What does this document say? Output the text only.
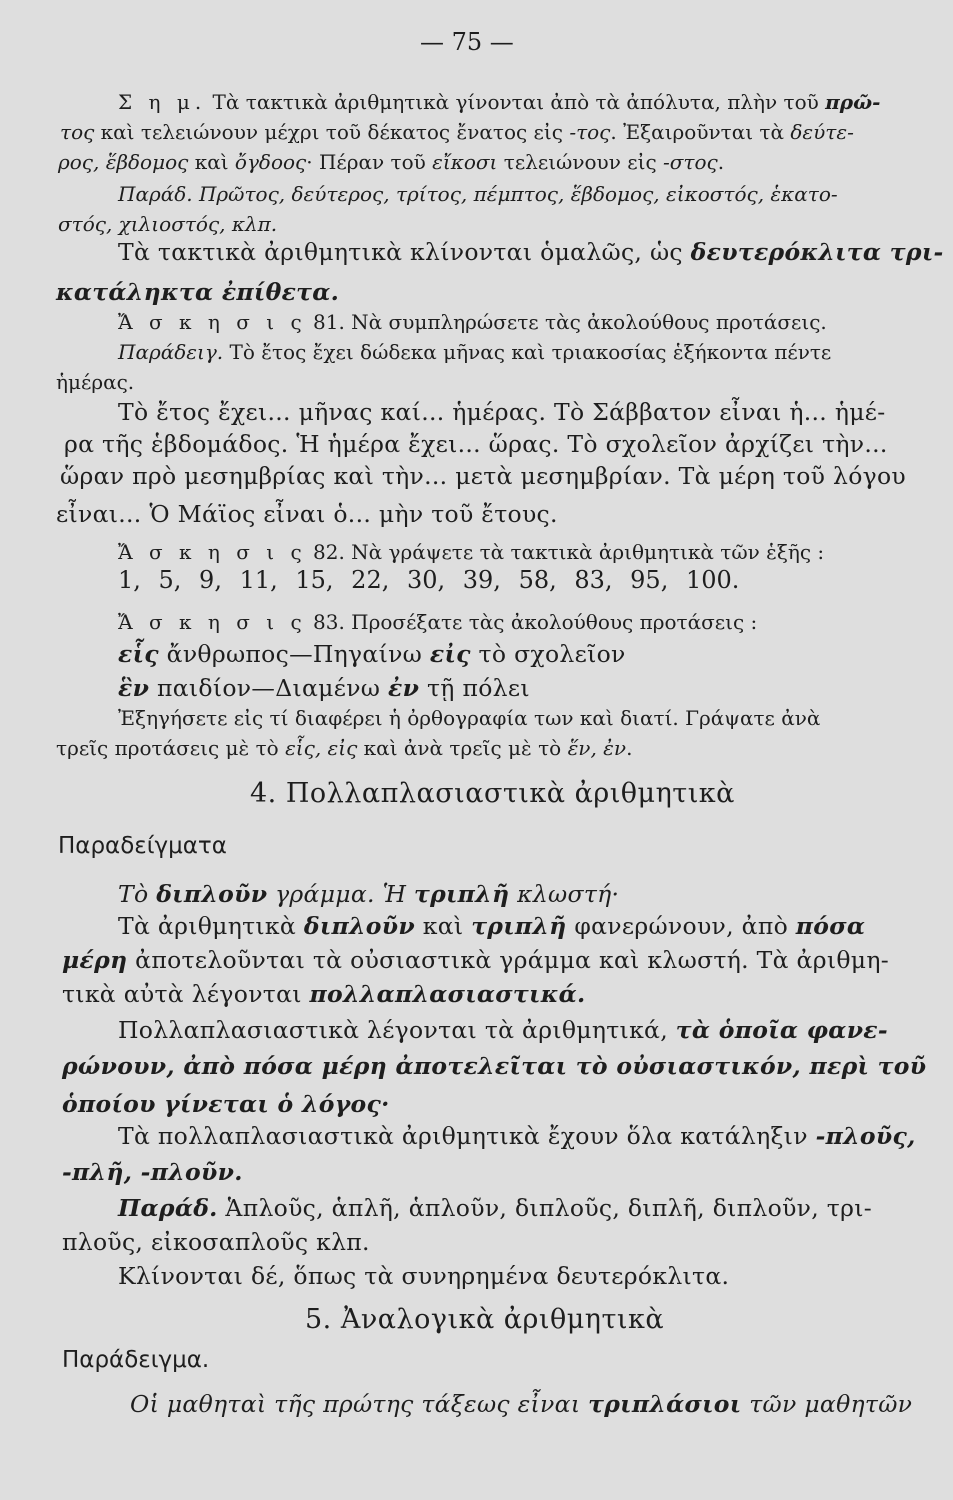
— 75 —
Σ η μ. Τὰ τακτικὰ ἀριθμητικὰ γίνονται ἀπὸ τὰ ἀπόλυτα, πλὴν τοῦ πρῶ-
τος καὶ τελειώνουν μέχρι τοῦ δέκατος ἔνατος εἰς -τος. Ἐξαιροῦνται τὰ δεύτε-
ρος, ἕβδομος καὶ ὄγδοος· Πέραν τοῦ εἴκοσι τελειώνουν εἰς -στος.
Παράδ. Πρῶτος, δεύτερος, τρίτος, πέμπτος, ἕβδομος, εἰκοστός, ἑκατο-
στός, χιλιοστός, κλπ.
Τὰ τακτικὰ ἀριθμητικὰ κλίνονται ὁμαλῶς, ὡς δευτερόκλιτα τρι-
κατάληκτα ἐπίθετα.
Ἄ σ κ η σ ι ς 81. Νὰ συμπληρώσετε τὰς ἀκολούθους προτάσεις.
Παράδειγ. Τὸ ἔτος ἔχει δώδεκα μῆνας καὶ τριακοσίας ἑξήκοντα πέντε
ἡμέρας.
Τὸ ἔτος ἔχει... μῆνας καί... ἡμέρας. Τὸ Σάββατον εἶναι ἡ... ἡμέ-
ρα τῆς ἑβδομάδος. Ἡ ἡμέρα ἔχει... ὥρας. Τὸ σχολεῖον ἀρχίζει τὴν...
ὥραν πρὸ μεσημβρίας καὶ τὴν... μετὰ μεσημβρίαν. Τὰ μέρη τοῦ λόγου
εἶναι... Ὁ Μάϊος εἶναι ὁ... μὴν τοῦ ἔτους.
Ἄ σ κ η σ ι ς 82. Νὰ γράψετε τὰ τακτικὰ ἀριθμητικὰ τῶν ἑξῆς :
1, 5, 9, 11, 15, 22, 30, 39, 58, 83, 95, 100.
Ἄ σ κ η σ ι ς 83. Προσέξατε τὰς ἀκολούθους προτάσεις :
εἷς ἄνθρωπος—Πηγαίνω εἰς τὸ σχολεῖον
ἓν παιδίον—Διαμένω ἐν τῇ πόλει
Ἐξηγήσετε εἰς τί διαφέρει ἡ ὀρθογραφία των καὶ διατί. Γράψατε ἀνὰ
τρεῖς προτάσεις μὲ τὸ εἷς, εἰς καὶ ἀνὰ τρεῖς μὲ τὸ ἕν, ἐν.
4. Πολλαπλασιαστικὰ ἀριθμητικὰ
Παραδείγματα
Τὸ διπλοῦν γράμμα. Ἡ τριπλῆ κλωστή·
Τὰ ἀριθμητικὰ διπλοῦν καὶ τριπλῆ φανερώνουν, ἀπὸ πόσα
μέρη ἀποτελοῦνται τὰ οὐσιαστικὰ γράμμα καὶ κλωστή. Τὰ ἀριθμη-
τικὰ αὐτὰ λέγονται πολλαπλασιαστικά.
Πολλαπλασιαστικὰ λέγονται τὰ ἀριθμητικά, τὰ ὁποῖα φανε-
ρώνουν, ἀπὸ πόσα μέρη ἀποτελεῖται τὸ οὐσιαστικόν, περὶ τοῦ
ὁποίου γίνεται ὁ λόγος·
Τὰ πολλαπλασιαστικὰ ἀριθμητικὰ ἔχουν ὅλα κατάληξιν -πλοῦς,
-πλῆ, -πλοῦν.
Παράδ. Ἁπλοῦς, ἁπλῆ, ἁπλοῦν, διπλοῦς, διπλῆ, διπλοῦν, τρι-
πλοῦς, εἰκοσαπλοῦς κλπ.
Κλίνονται δέ, ὅπως τὰ συνηρημένα δευτερόκλιτα.
5. Ἀναλογικὰ ἀριθμητικὰ
Παράδειγμα.
Οἱ μαθηταὶ τῆς πρώτης τάξεως εἶναι τριπλάσιοι τῶν μαθητῶν
